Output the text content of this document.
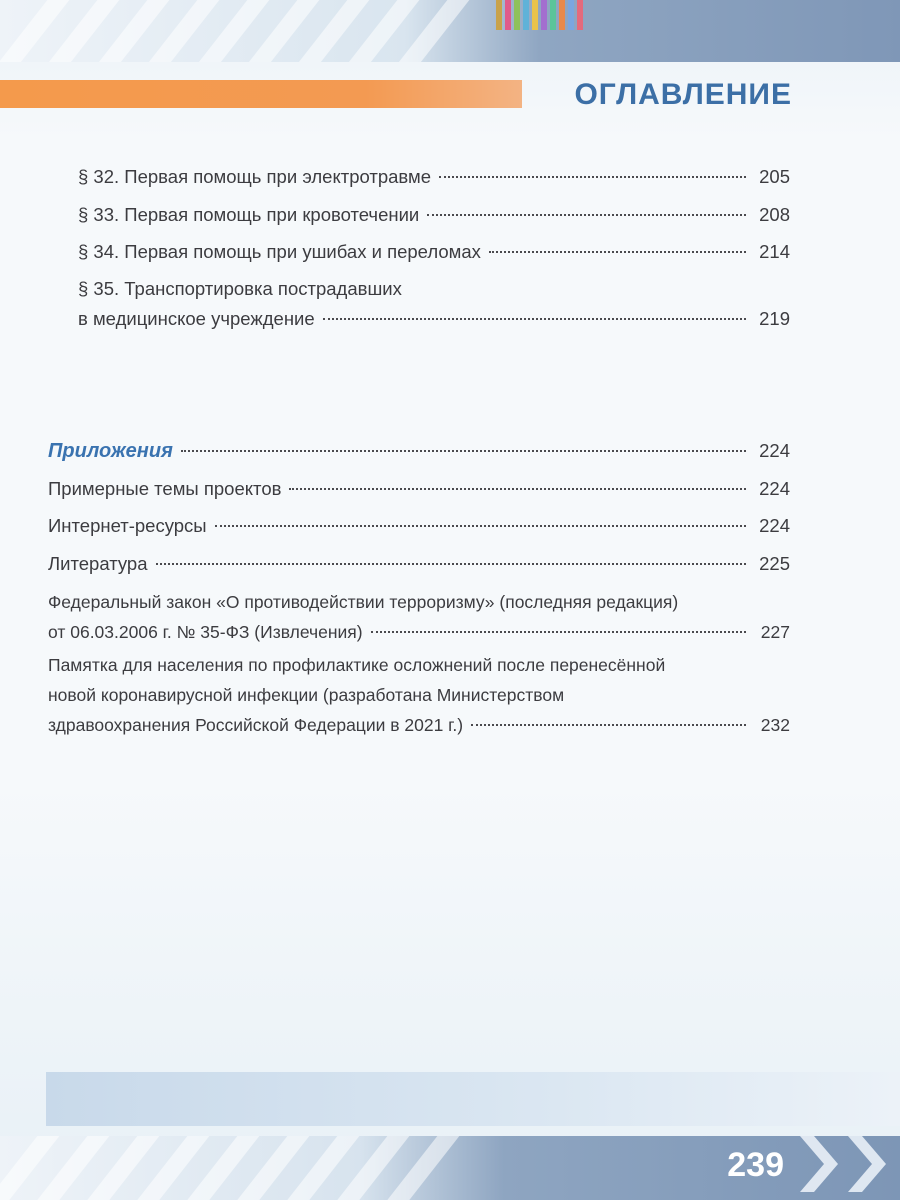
ОГЛАВЛЕНИЕ
§ 32. Первая помощь при электротравме	205
§ 33. Первая помощь при кровотечении	208
§ 34. Первая помощь при ушибах и переломах	214
§ 35. Транспортировка пострадавших
в медицинское учреждение	219
Приложения	224
Примерные темы проектов	224
Интернет-ресурсы	224
Литература	225
Федеральный закон «О противодействии терроризму» (последняя редакция)
от 06.03.2006 г. № 35-ФЗ (Извлечения)	227
Памятка для населения по профилактике осложнений после перенесённой
новой коронавирусной инфекции (разработана Министерством
здравоохранения Российской Федерации в 2021 г.)	232
239
